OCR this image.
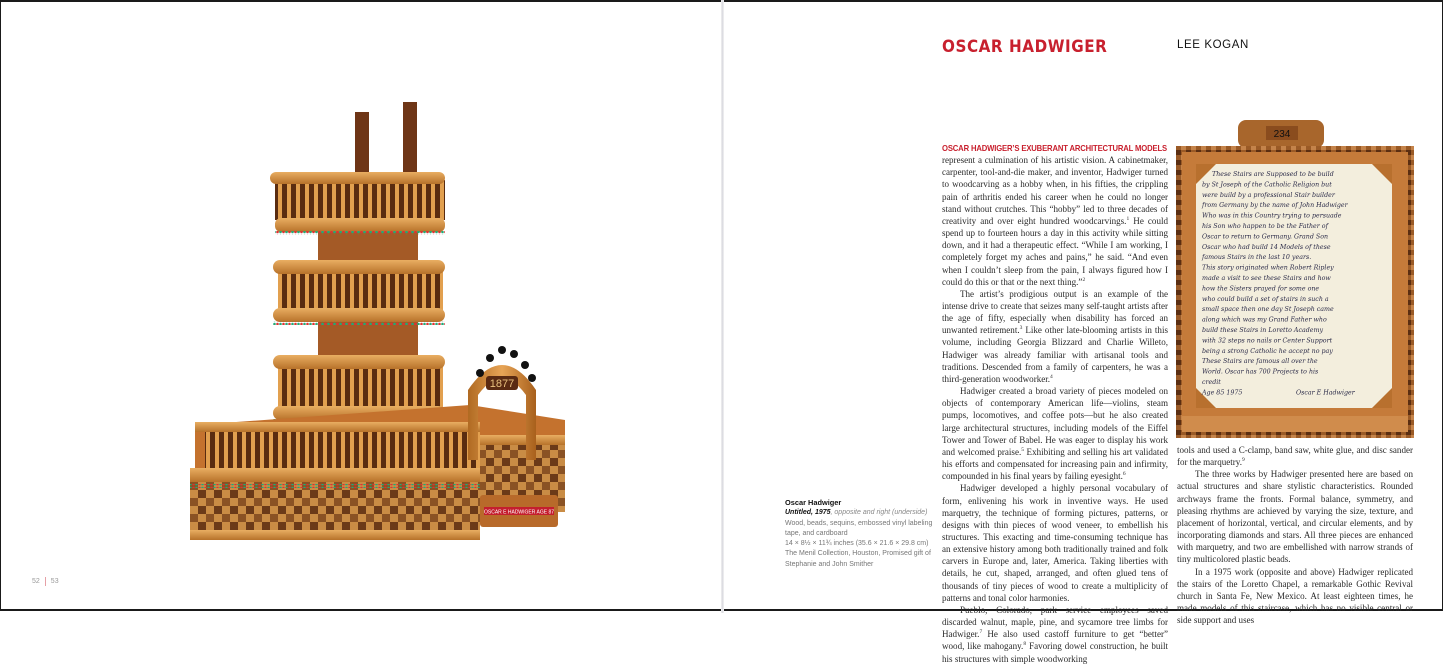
1877
OSCAR E HADWIGER AGE 87
52 53
OSCAR HADWIGER	LEE KOGAN
234
These Stairs are Supposed to be build
by St Joseph of the Catholic Religion but
were build by a professional Stair builder
from Germany by the name of John Hadwiger
Who was in this Country trying to persuade
his Son who happen to be the Father of
Oscar to return to Germany. Grand Son
Oscar who had build 14 Models of these
famous Stairs in the last 10 years.
This story originated when Robert Ripley
made a visit to see these Stairs and how
how the Sisters prayed for some one
who could build a set of stairs in such a
small space then one day St Joseph came
along which was my Grand Father who
build these Stairs in Loretto Academy
with 32 steps no nails or Center Support
being a strong Catholic he accept no pay
These Stairs are famous all over the
World. Oscar has 700 Projects to his
credit
Age 85 1975	Oscar E Hadwiger
Oscar Hadwiger
Untitled, 1975, opposite and right (underside)
Wood, beads, sequins, embossed vinyl labeling tape, and cardboard
14 × 8½ × 11¾ inches (35.6 × 21.6 × 29.8 cm)
The Menil Collection, Houston, Promised gift of Stephanie and John Smither

OSCAR HADWIGER’S EXUBERANT ARCHITECTURAL MODELS
represent a culmination of his artistic vision. A cabinetmaker, carpenter, tool-and-die maker, and inventor, Hadwiger turned to woodcarving as a hobby when, in his fifties, the crippling pain of arthritis ended his career when he could no longer stand without crutches. This “hobby” led to three decades of creativity and over eight hundred woodcarvings.$^1$ He could spend up to fourteen hours a day in this activity while sitting down, and it had a therapeutic effect. “While I am working, I completely forget my aches and pains,” he said. “And even when I couldn’t sleep from the pain, I always figured how I could do this or that or the next thing.”$^2$

The artist’s prodigious output is an example of the intense drive to create that seizes many self-taught artists after the age of fifty, especially when disability has forced an unwanted retirement.$^3$ Like other late-blooming artists in this volume, including Georgia Blizzard and Charlie Willeto, Hadwiger was already familiar with artisanal tools and traditions. Descended from a family of carpenters, he was a third-generation woodworker.$^4$

Hadwiger created a broad variety of pieces modeled on objects of contemporary American life—violins, steam pumps, locomotives, and coffee pots—but he also created large architectural structures, including models of the Eiffel Tower and Tower of Babel. He was eager to display his work and welcomed praise.$^5$ Exhibiting and selling his art validated his efforts and compensated for increasing pain and infirmity, compounded in his final years by failing eyesight.$^6$

Hadwiger developed a highly personal vocabulary of form, enlivening his work in inventive ways. He used marquetry, the technique of forming pictures, patterns, or designs with thin pieces of wood veneer, to embellish his structures. This exacting and time-consuming technique has an extensive history among both traditionally trained and folk carvers in Europe and, later, America. Taking liberties with details, he cut, shaped, arranged, and often glued tens of thousands of tiny pieces of wood to create a multiplicity of patterns and tonal color harmonies.

Pueblo, Colorado, park service employees saved discarded walnut, maple, pine, and sycamore tree limbs for Hadwiger.$^7$ He also used castoff furniture to get “better” wood, like mahogany.$^8$ Favoring dowel construction, he built his structures with simple woodworking

tools and used a C-clamp, band saw, white glue, and disc sander for the marquetry.$^9$

The three works by Hadwiger presented here are based on actual structures and share stylistic characteristics. Rounded archways frame the fronts. Formal balance, symmetry, and pleasing rhythms are achieved by varying the size, texture, and placement of horizontal, vertical, and circular elements, and by incorporating diamonds and stars. All three pieces are enhanced with marquetry, and two are embellished with narrow strands of tiny multicolored plastic beads.

In a 1975 work (opposite and above) Hadwiger replicated the stairs of the Loretto Chapel, a remarkable Gothic Revival church in Santa Fe, New Mexico. At least eighteen times, he made models of this staircase, which has no visible central or side support and uses
